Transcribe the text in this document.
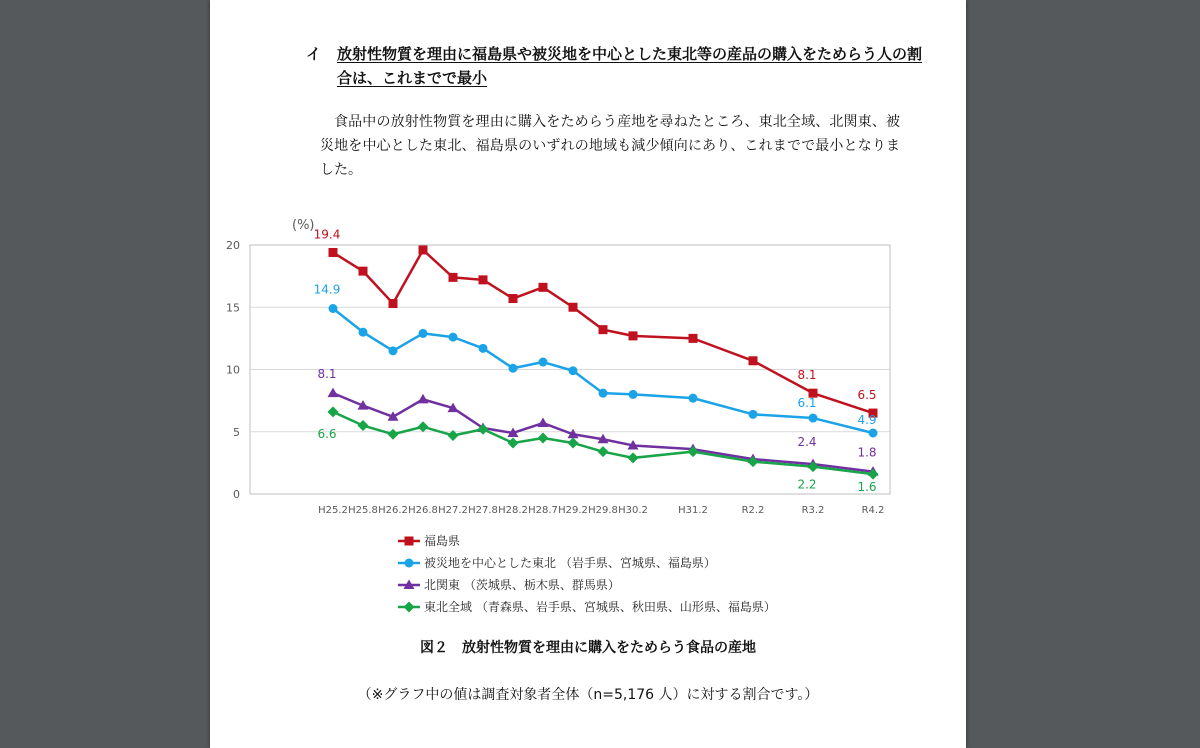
イ 放射性物質を理由に福島県や被災地を中心とした東北等の産品の購入をためらう人の割合は、これまでで最小
食品中の放射性物質を理由に購入をためらう産地を尋ねたところ、東北全域、北関東、被災地を中心とした東北、福島県のいずれの地域も減少傾向にあり、これまでで最小となりました。
0
5
10
15
20
(%)
H25.2 H25.8 H26.2 H26.8 H27.2 H27.8 H28.2 H28.7 H29.2 H29.8 H30.2	H31.2	R2.2	R3.2	R4.2
19.4
8.1
6.5
14.9
6.1
4.9
8.1
2.4
1.8
6.6
2.2	1.6
福島県
被災地を中心とした東北 （岩手県、宮城県、福島県）
北関東 （茨城県、栃木県、群馬県）
東北全域 （青森県、岩手県、宮城県、秋田県、山形県、福島県）
図２　放射性物質を理由に購入をためらう食品の産地
（※グラフ中の値は調査対象者全体（n=5,176 人）に対する割合です。）
